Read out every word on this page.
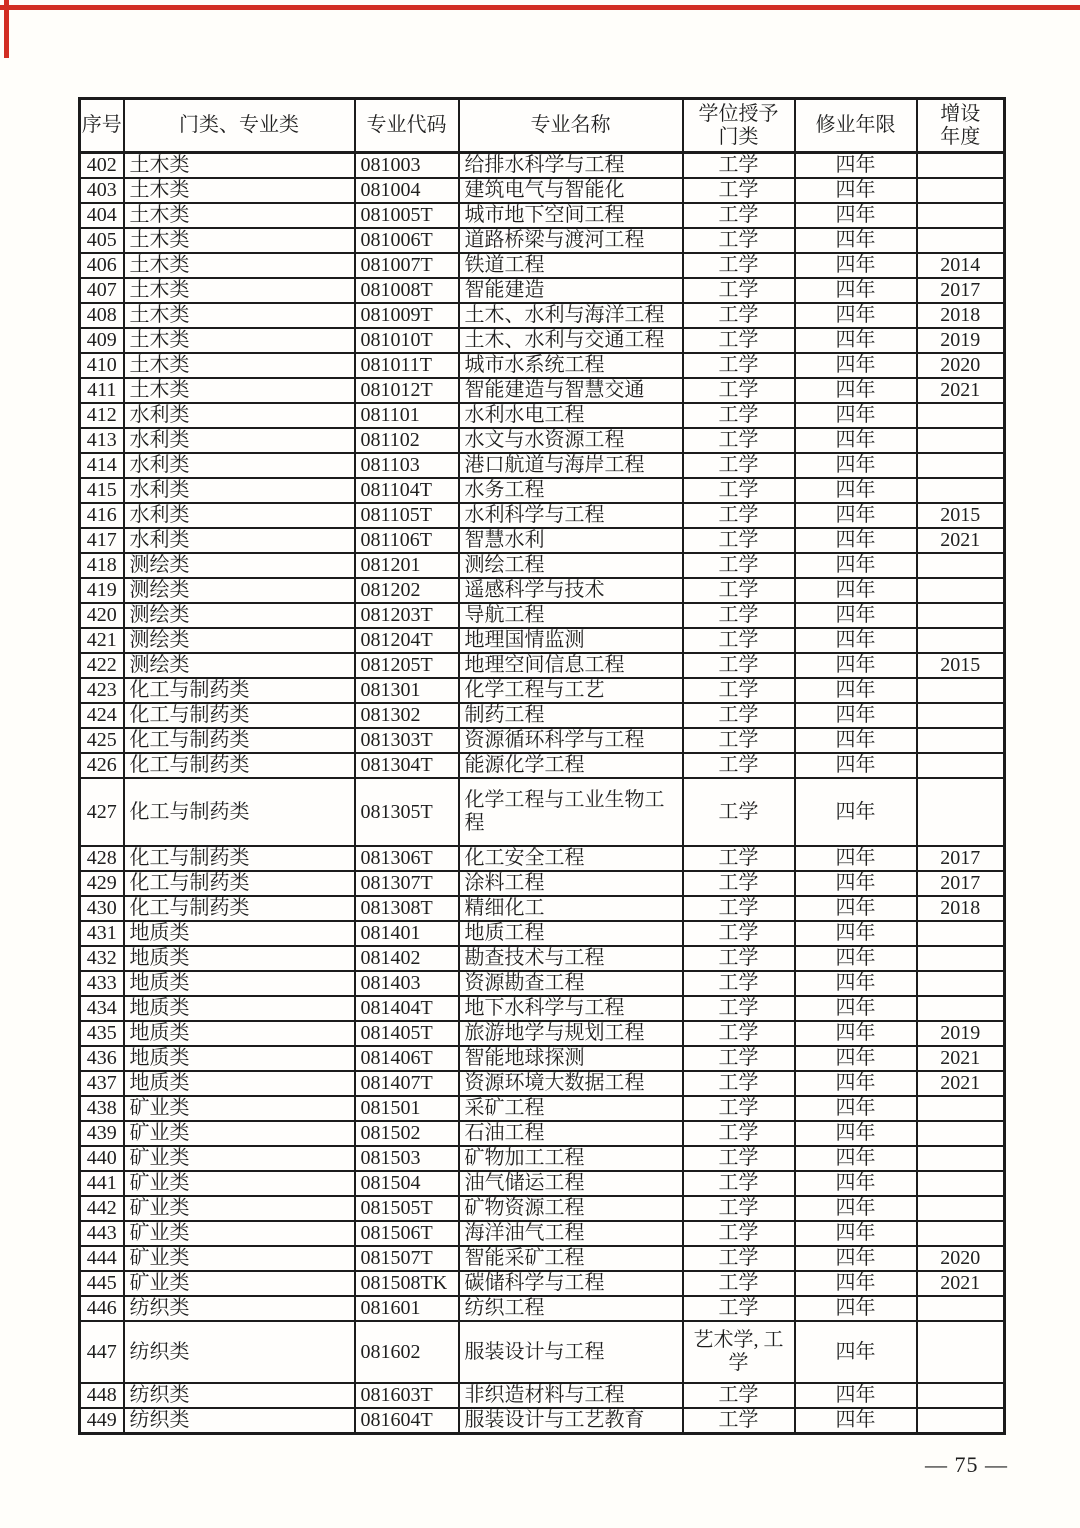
序号	门类、专业类	专业代码	专业名称	学位授予门类	修业年限	增设年度
402	土木类	081003	给排水科学与工程	工学	四年	
403	土木类	081004	建筑电气与智能化	工学	四年	
404	土木类	081005T	城市地下空间工程	工学	四年	
405	土木类	081006T	道路桥梁与渡河工程	工学	四年	
406	土木类	081007T	铁道工程	工学	四年	2014
407	土木类	081008T	智能建造	工学	四年	2017
408	土木类	081009T	土木、水利与海洋工程	工学	四年	2018
409	土木类	081010T	土木、水利与交通工程	工学	四年	2019
410	土木类	081011T	城市水系统工程	工学	四年	2020
411	土木类	081012T	智能建造与智慧交通	工学	四年	2021
412	水利类	081101	水利水电工程	工学	四年	
413	水利类	081102	水文与水资源工程	工学	四年	
414	水利类	081103	港口航道与海岸工程	工学	四年	
415	水利类	081104T	水务工程	工学	四年	
416	水利类	081105T	水利科学与工程	工学	四年	2015
417	水利类	081106T	智慧水利	工学	四年	2021
418	测绘类	081201	测绘工程	工学	四年	
419	测绘类	081202	遥感科学与技术	工学	四年	
420	测绘类	081203T	导航工程	工学	四年	
421	测绘类	081204T	地理国情监测	工学	四年	
422	测绘类	081205T	地理空间信息工程	工学	四年	2015
423	化工与制药类	081301	化学工程与工艺	工学	四年	
424	化工与制药类	081302	制药工程	工学	四年	
425	化工与制药类	081303T	资源循环科学与工程	工学	四年	
426	化工与制药类	081304T	能源化学工程	工学	四年	
427	化工与制药类	081305T	化学工程与工业生物工程	工学	四年	
428	化工与制药类	081306T	化工安全工程	工学	四年	2017
429	化工与制药类	081307T	涂料工程	工学	四年	2017
430	化工与制药类	081308T	精细化工	工学	四年	2018
431	地质类	081401	地质工程	工学	四年	
432	地质类	081402	勘查技术与工程	工学	四年	
433	地质类	081403	资源勘查工程	工学	四年	
434	地质类	081404T	地下水科学与工程	工学	四年	
435	地质类	081405T	旅游地学与规划工程	工学	四年	2019
436	地质类	081406T	智能地球探测	工学	四年	2021
437	地质类	081407T	资源环境大数据工程	工学	四年	2021
438	矿业类	081501	采矿工程	工学	四年	
439	矿业类	081502	石油工程	工学	四年	
440	矿业类	081503	矿物加工工程	工学	四年	
441	矿业类	081504	油气储运工程	工学	四年	
442	矿业类	081505T	矿物资源工程	工学	四年	
443	矿业类	081506T	海洋油气工程	工学	四年	
444	矿业类	081507T	智能采矿工程	工学	四年	2020
445	矿业类	081508TK	碳储科学与工程	工学	四年	2021
446	纺织类	081601	纺织工程	工学	四年	
447	纺织类	081602	服装设计与工程	艺术学, 工学	四年	
448	纺织类	081603T	非织造材料与工程	工学	四年	
449	纺织类	081604T	服装设计与工艺教育	工学	四年	
— 75 —
